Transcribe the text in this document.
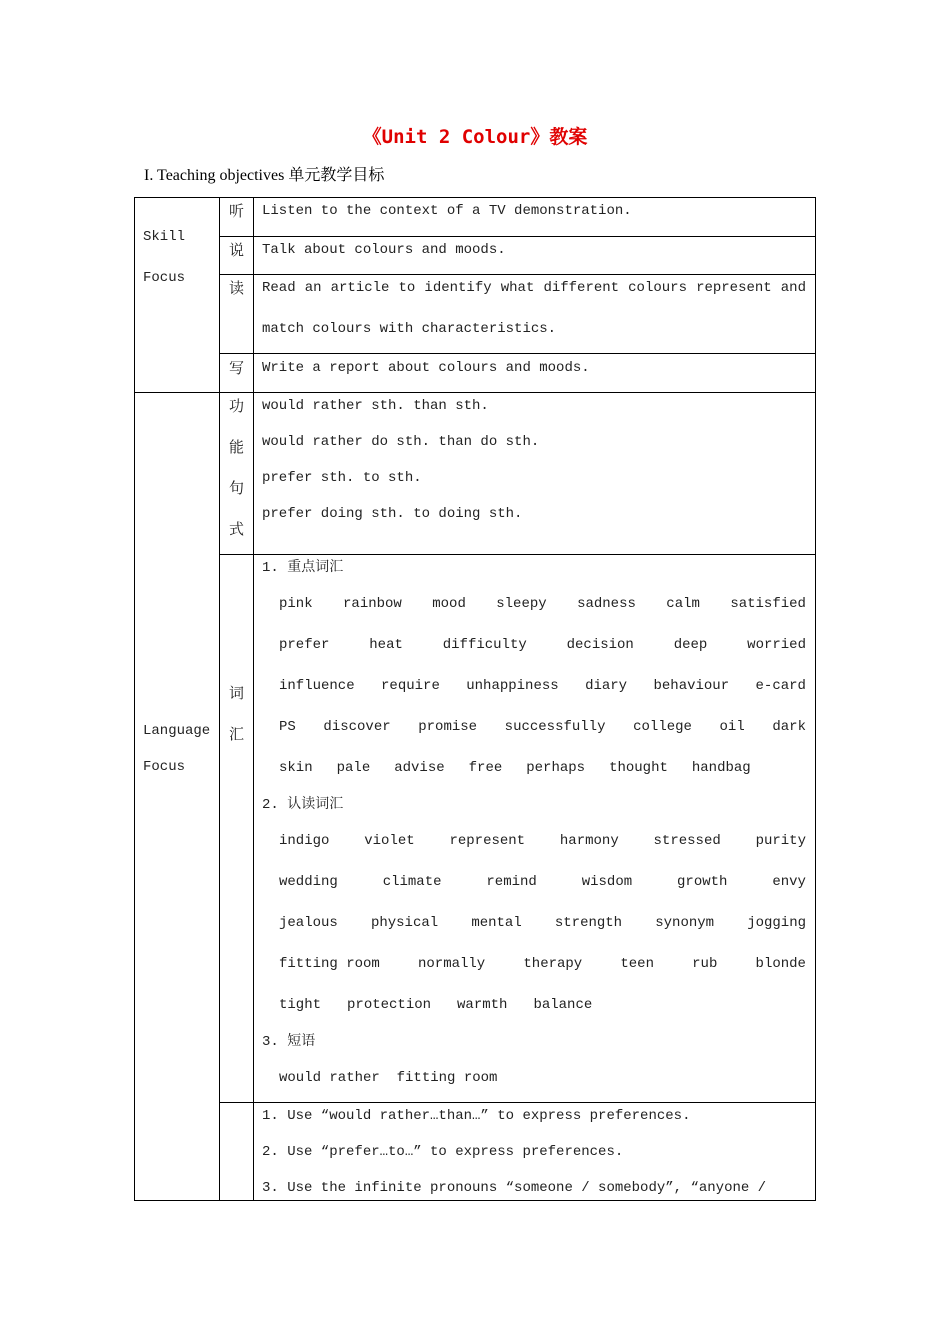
《Unit 2 Colour》教案
I. Teaching objectives 单元教学目标
Skill
Focus
听 Listen to the context of a TV demonstration.
说 Talk about colours and moods.
读 Read an article to identify what different colours represent and
match colours with characteristics.
写 Write a report about colours and moods.
Language
Focus
功
能
句
式
would rather sth. than sth.
would rather do sth. than do sth.
prefer sth. to sth.
prefer doing sth. to doing sth.
词
汇
1. 重点词汇
pink rainbow mood sleepy sadness calm satisfied
prefer	heat	difficulty	decision	deep	worried
influence require unhappiness diary behaviour e-card
PS discover promise successfully college oil dark
skin pale advise free perhaps thought handbag
2. 认读词汇
indigo violet represent harmony stressed purity
wedding	climate	remind	wisdom	growth	envy
jealous physical mental strength synonym jogging
fitting room	normally	therapy	teen	rub	blonde
tight protection warmth balance
3. 短语
would rather  fitting room
1. Use “would rather…than…” to express preferences.
2. Use “prefer…to…” to express preferences.
3. Use the infinite pronouns “someone / somebody”, “anyone /
